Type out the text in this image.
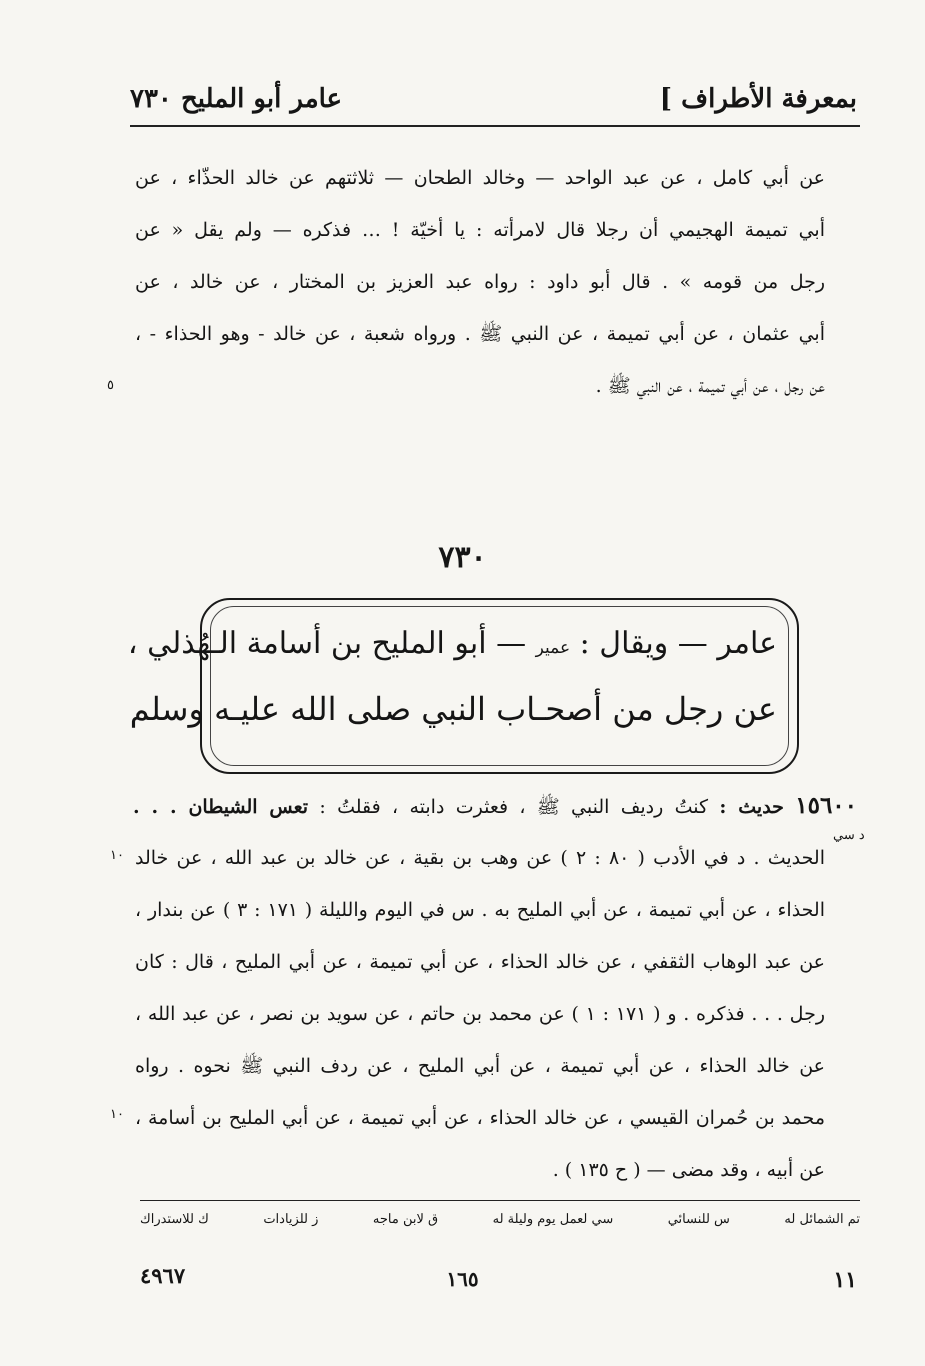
بمعرفة الأطراف ]
عامر أبو المليح ٧٣٠
عن أبي كامل ، عن عبد الواحد — وخالد الطحان — ثلاثتهم عن خالد الحذّاء ، عن
أبي تميمة الهجيمي أن رجلا قال لامرأته : يا أخيّة ! … فذكره — ولم يقل « عن
رجل من قومه » . قال أبو داود : رواه عبد العزيز بن المختار ، عن خالد ، عن
أبي عثمان ، عن أبي تميمة ، عن النبي ﷺ . ورواه شعبة ، عن خالد - وهو الحذاء - ،
عن رجل ، عن أبي تميمة ، عن النبي ﷺ .
٥
٧٣٠
عامر — ويقال : عمير — أبو المليح بن أسامة الـهُذلي ،
عن رجل من أصحـاب النبي صلى الله عليـه وسلم
١٥٦٠٠ حديث : كنتُ رديف النبي ﷺ ، فعثرت دابته ، فقلتُ : تعس الشيطان . . .
الحديث . د في الأدب ( ٨٠ : ٢ ) عن وهب بن بقية ، عن خالد بن عبد الله ، عن خالد
الحذاء ، عن أبي تميمة ، عن أبي المليح به . س في اليوم والليلة ( ١٧١ : ٣ ) عن بندار ،
عن عبد الوهاب الثقفي ، عن خالد الحذاء ، عن أبي تميمة ، عن أبي المليح ، قال : كان
رجل . . . فذكره . و ( ١٧١ : ١ ) عن محمد بن حاتم ، عن سويد بن نصر ، عن عبد الله ،
عن خالد الحذاء ، عن أبي تميمة ، عن أبي المليح ، عن ردف النبي ﷺ نحوه . رواه
محمد بن حُمران القيسي ، عن خالد الحذاء ، عن أبي تميمة ، عن أبي المليح بن أسامة ،
عن أبيه ، وقد مضى — ( ح ١٣٥ ) .
د سي
١٠
١٠
تم الشمائل له
س للنسائي
سي لعمل يوم وليلة له
ق لابن ماجه
ز للزيادات
ك للاستدراك
٤٩٦٧	١٦٥	١١
